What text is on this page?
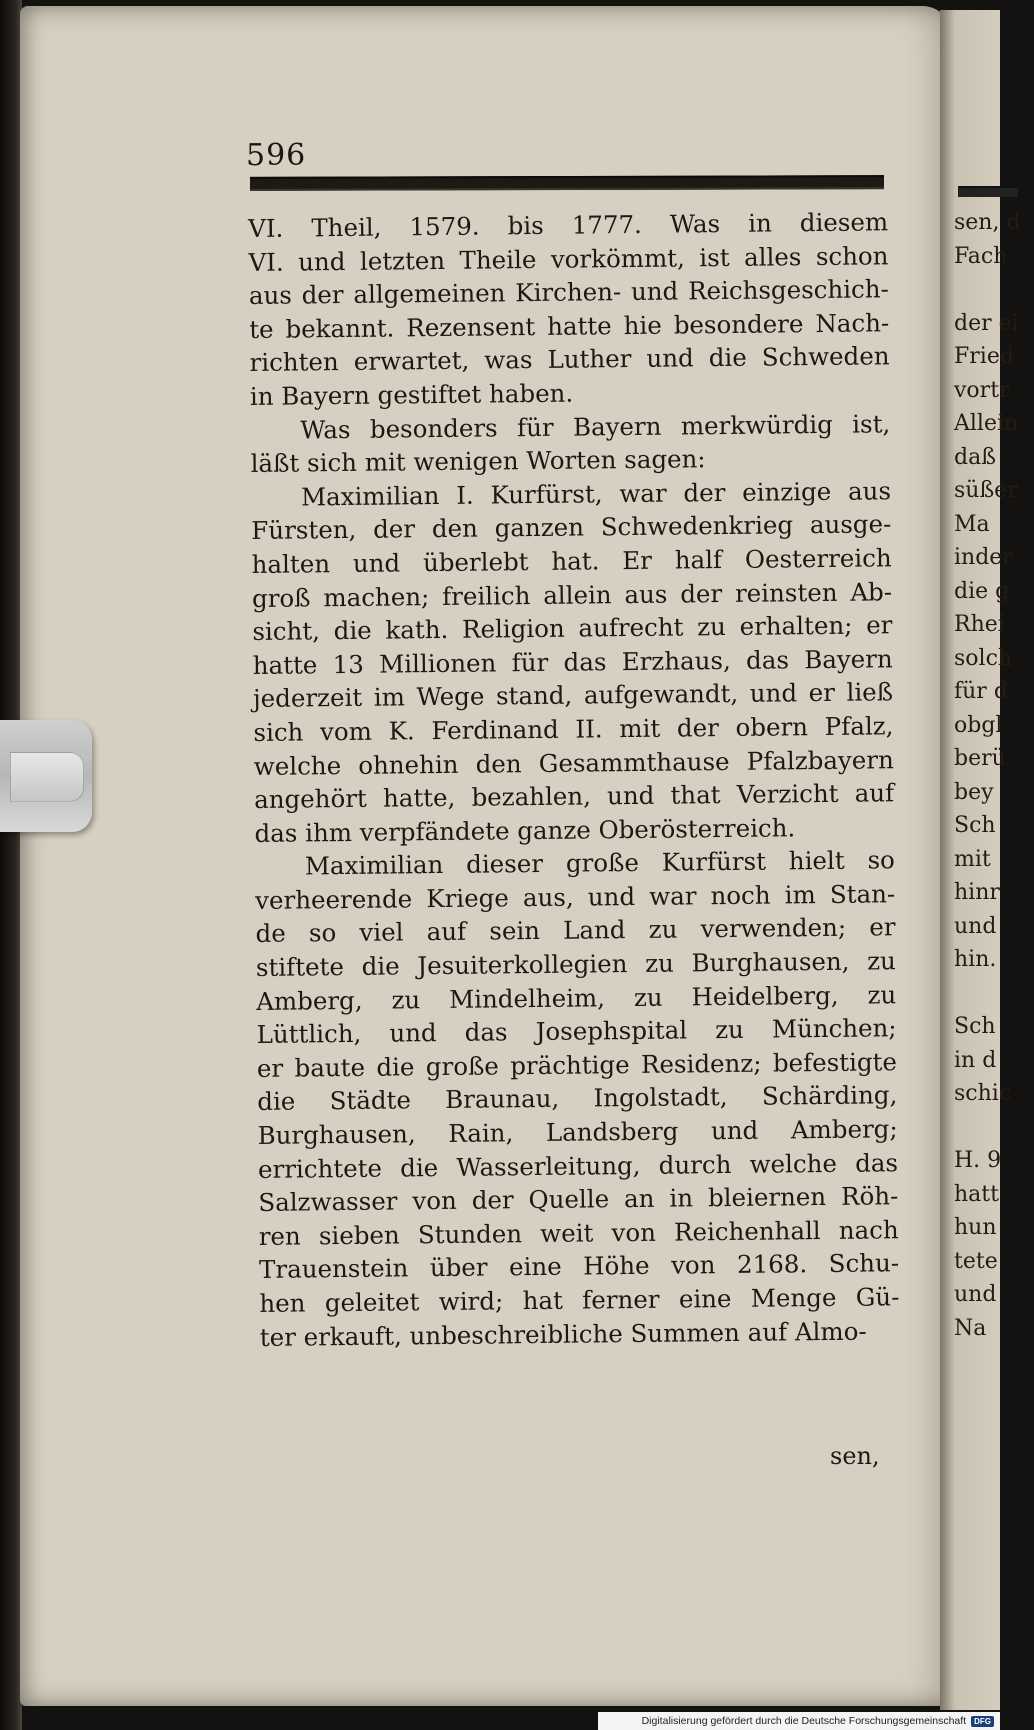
sen, d
Fach
der ei
Fried
vortr
Allein
daß
süßer
Ma
inder
die g
Rhei
solch
für d
obgl
berü
bey
Sch
mit
hinr
und
hin.
Sch
in d
schic
H. 9
hatt
hun
tete
und
Na
596
VI. Theil, 1579. bis 1777. Was in diesem
VI. und letzten Theile vorkömmt, ist alles schon
aus der allgemeinen Kirchen- und Reichsgeschich-
te bekannt. Rezensent hatte hie besondere Nach-
richten erwartet, was Luther und die Schweden
in Bayern gestiftet haben.
Was besonders für Bayern merkwürdig ist,
läßt sich mit wenigen Worten sagen:
Maximilian I. Kurfürst, war der einzige aus
Fürsten, der den ganzen Schwedenkrieg ausge-
halten und überlebt hat. Er half Oesterreich
groß machen; freilich allein aus der reinsten Ab-
sicht, die kath. Religion aufrecht zu erhalten; er
hatte 13 Millionen für das Erzhaus, das Bayern
jederzeit im Wege stand, aufgewandt, und er ließ
sich vom K. Ferdinand II. mit der obern Pfalz,
welche ohnehin den Gesammthause Pfalzbayern
angehört hatte, bezahlen, und that Verzicht auf
das ihm verpfändete ganze Oberösterreich.
Maximilian dieser große Kurfürst hielt so
verheerende Kriege aus, und war noch im Stan-
de so viel auf sein Land zu verwenden; er
stiftete die Jesuiterkollegien zu Burghausen, zu
Amberg, zu Mindelheim, zu Heidelberg, zu
Lüttlich, und das Josephspital zu München;
er baute die große prächtige Residenz; befestigte
die Städte Braunau, Ingolstadt, Schärding,
Burghausen, Rain, Landsberg und Amberg;
errichtete die Wasserleitung, durch welche das
Salzwasser von der Quelle an in bleiernen Röh-
ren sieben Stunden weit von Reichenhall nach
Trauenstein über eine Höhe von 2168. Schu-
hen geleitet wird; hat ferner eine Menge Gü-
ter erkauft, unbeschreibliche Summen auf Almo-
sen,
Digitalisierung gefördert durch die Deutsche Forschungsgemeinschaft	DFG
